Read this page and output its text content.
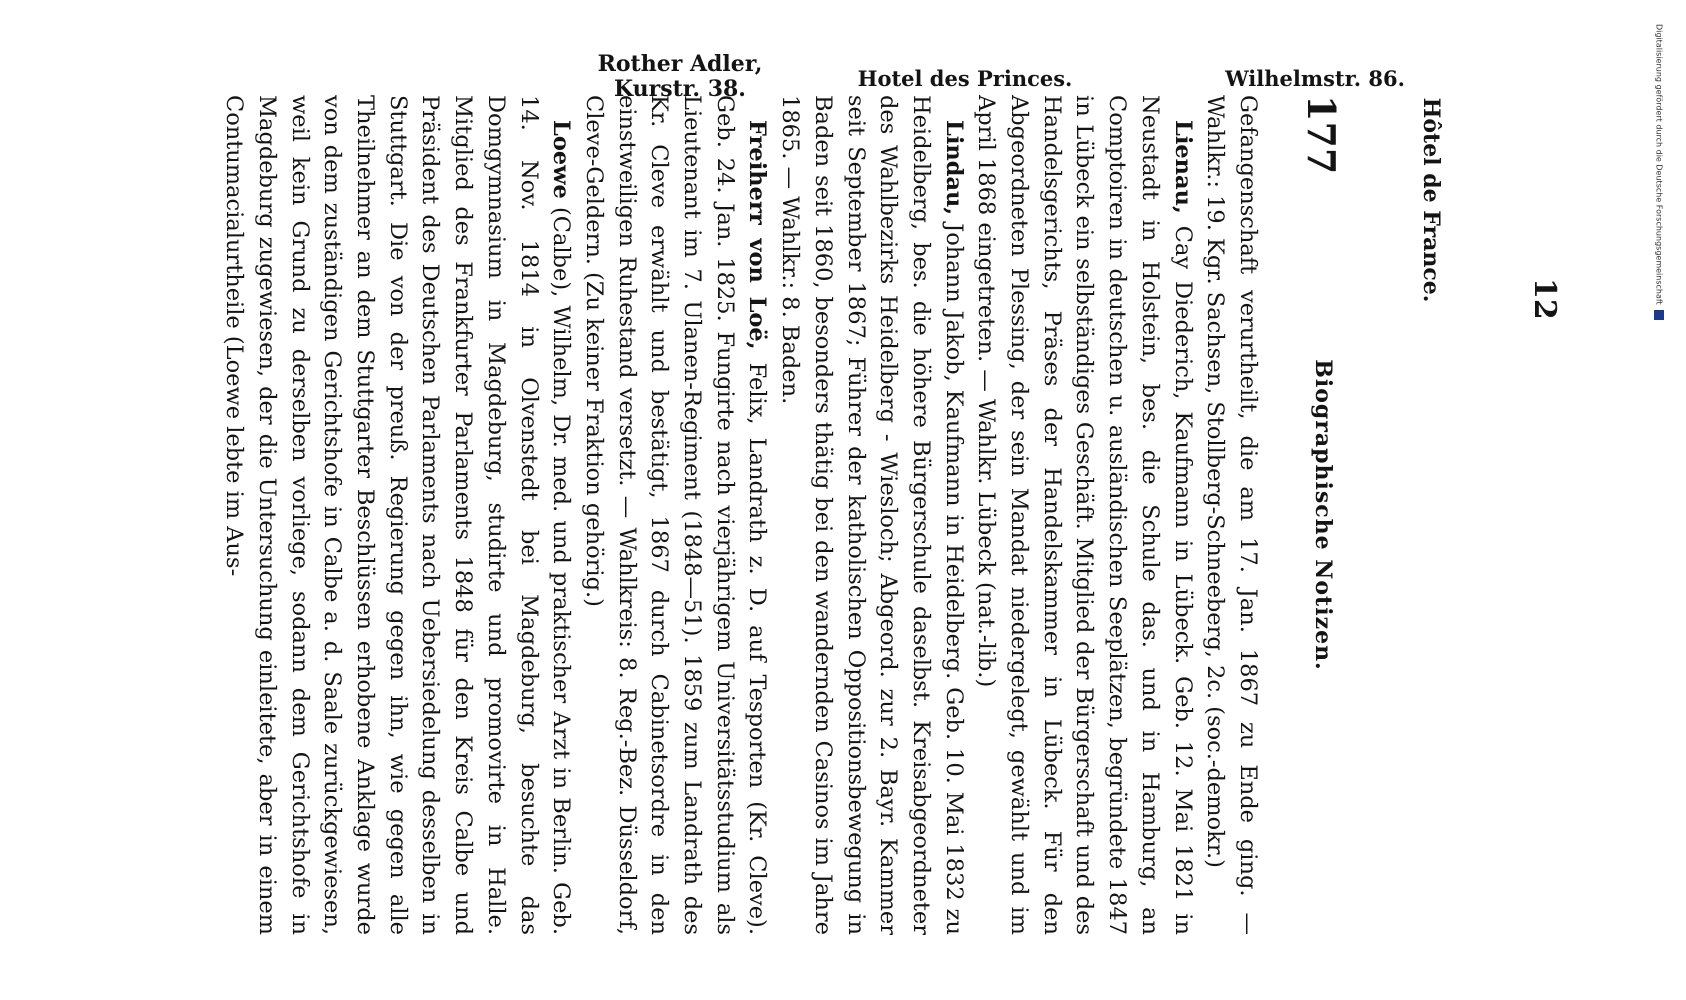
Hôtel de France.
177
Biographische Notizen.

Gefangenschaft verurtheilt, die am 17. Jan. 1867 zu Ende ging. — Wahlkr.: 19. Kgr. Sachsen, Stollberg-Schneeberg, 2c. (soc.-demokr.)

Lienau, Cay Diederich, Kaufmann in Lübeck. Geb. 12. Mai 1821 in Neustadt in Holstein, bes. die Schule das. und in Hamburg, an Comptoiren in deutschen u. ausländischen Seeplätzen, begründete 1847 in Lübeck ein selbständiges Geschäft. Mitglied der Bürgerschaft und des Handelsgerichts, Präses der Handelskammer in Lübeck. Für den Abgeordneten Plessing, der sein Mandat niedergelegt, gewählt und im April 1868 eingetreten. — Wahlkr. Lübeck (nat.-lib.)

Lindau, Johann Jakob, Kaufmann in Heidelberg. Geb. 10. Mai 1832 zu Heidelberg, bes. die höhere Bürgerschule daselbst. Kreisabgeordneter des Wahlbezirks Heidelberg - Wiesloch; Abgeord. zur 2. Bayr. Kammer seit September 1867; Führer der katholischen Oppositionsbewegung in Baden seit 1860, besonders thätig bei den wandernden Casinos im Jahre 1865. — Wahlkr.: 8. Baden.

Freiherr von Loë, Felix, Landrath z. D. auf Tesporten (Kr. Cleve). Geb. 24. Jan. 1825. Fungirte nach vierjährigem Universitätsstudium als Lieutenant im 7. Ulanen-Regiment (1848—51). 1859 zum Landrath des Kr. Cleve erwählt und bestätigt, 1867 durch Cabinetsordre in den einstweiligen Ruhestand versetzt. — Wahlkreis: 8. Reg.-Bez. Düsseldorf, Cleve-Geldern. (Zu keiner Fraktion gehörig.)

Loewe (Calbe), Wilhelm, Dr. med. und praktischer Arzt in Berlin. Geb. 14. Nov. 1814 in Olvenstedt bei Magdeburg, besuchte das Domgymnasium in Magdeburg, studirte und promovirte in Halle. Mitglied des Frankfurter Parlaments 1848 für den Kreis Calbe und Präsident des Deutschen Parlaments nach Uebersiedelung desselben in Stuttgart. Die von der preuß. Regierung gegen ihn, wie gegen alle Theilnehmer an dem Stuttgarter Beschlüssen erhobene Anklage wurde von dem zuständigen Gerichtshofe in Calbe a. d. Saale zurückgewiesen, weil kein Grund zu derselben vorliege, sodann dem Gerichtshofe in Magdeburg zugewiesen, der die Untersuchung einleitete, aber in einem Contumacialurtheile (Loewe lebte im Aus-

Rother Adler, Kurstr. 38.	Hotel des Princes.	Wilhelmstr. 86.
12	Digitalisierung gefördert durch die Deutsche Forschungsgemeinschaft
